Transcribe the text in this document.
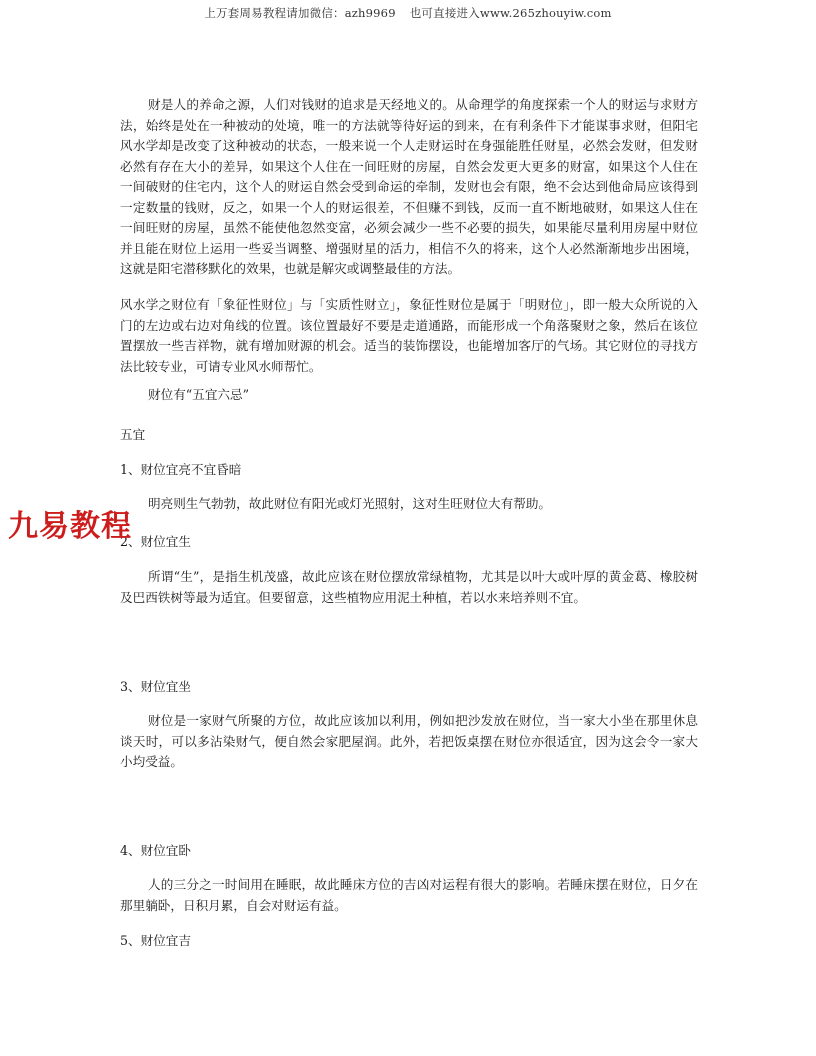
上万套周易教程请加微信：azh9969 也可直接进入www.265zhouyiw.com
财是人的养命之源，人们对钱财的追求是天经地义的。从命理学的角度探索一个人的财运与求财方法，始终是处在一种被动的处境，唯一的方法就等待好运的到来，在有利条件下才能谋事求财，但阳宅风水学却是改变了这种被动的状态，一般来说一个人走财运时在身强能胜任财星，必然会发财，但发财必然有存在大小的差异，如果这个人住在一间旺财的房屋，自然会发更大更多的财富，如果这个人住在一间破财的住宅内，这个人的财运自然会受到命运的牵制，发财也会有限，绝不会达到他命局应该得到一定数量的钱财，反之，如果一个人的财运很差，不但赚不到钱，反而一直不断地破财，如果这人住在一间旺财的房屋，虽然不能使他忽然变富，必须会减少一些不必要的损失，如果能尽量利用房屋中财位并且能在财位上运用一些妥当调整、增强财星的活力，相信不久的将来，这个人必然渐渐地步出困境，这就是阳宅潜移默化的效果，也就是解灾或调整最佳的方法。
风水学之财位有「象征性财位」与「实质性财立」，象征性财位是属于「明财位」，即一般大众所说的入门的左边或右边对角线的位置。该位置最好不要是走道通路，而能形成一个角落聚财之象，然后在该位置摆放一些吉祥物，就有增加财源的机会。适当的装饰摆设，也能增加客厅的气场。其它财位的寻找方法比较专业，可请专业风水师帮忙。
财位有“五宜六忌”
五宜
1、财位宜亮不宜昏暗
明亮则生气勃勃，故此财位有阳光或灯光照射，这对生旺财位大有帮助。
2、财位宜生
所谓“生”，是指生机茂盛，故此应该在财位摆放常绿植物，尤其是以叶大或叶厚的黄金葛、橡胶树及巴西铁树等最为适宜。但要留意，这些植物应用泥土种植，若以水来培养则不宜。
3、财位宜坐
财位是一家财气所聚的方位，故此应该加以利用，例如把沙发放在财位，当一家大小坐在那里休息谈天时，可以多沾染财气，便自然会家肥屋润。此外，若把饭桌摆在财位亦很适宜，因为这会令一家大小均受益。
4、财位宜卧
人的三分之一时间用在睡眠，故此睡床方位的吉凶对运程有很大的影响。若睡床摆在财位，日夕在那里躺卧，日积月累，自会对财运有益。
5、财位宜吉
九易教程
